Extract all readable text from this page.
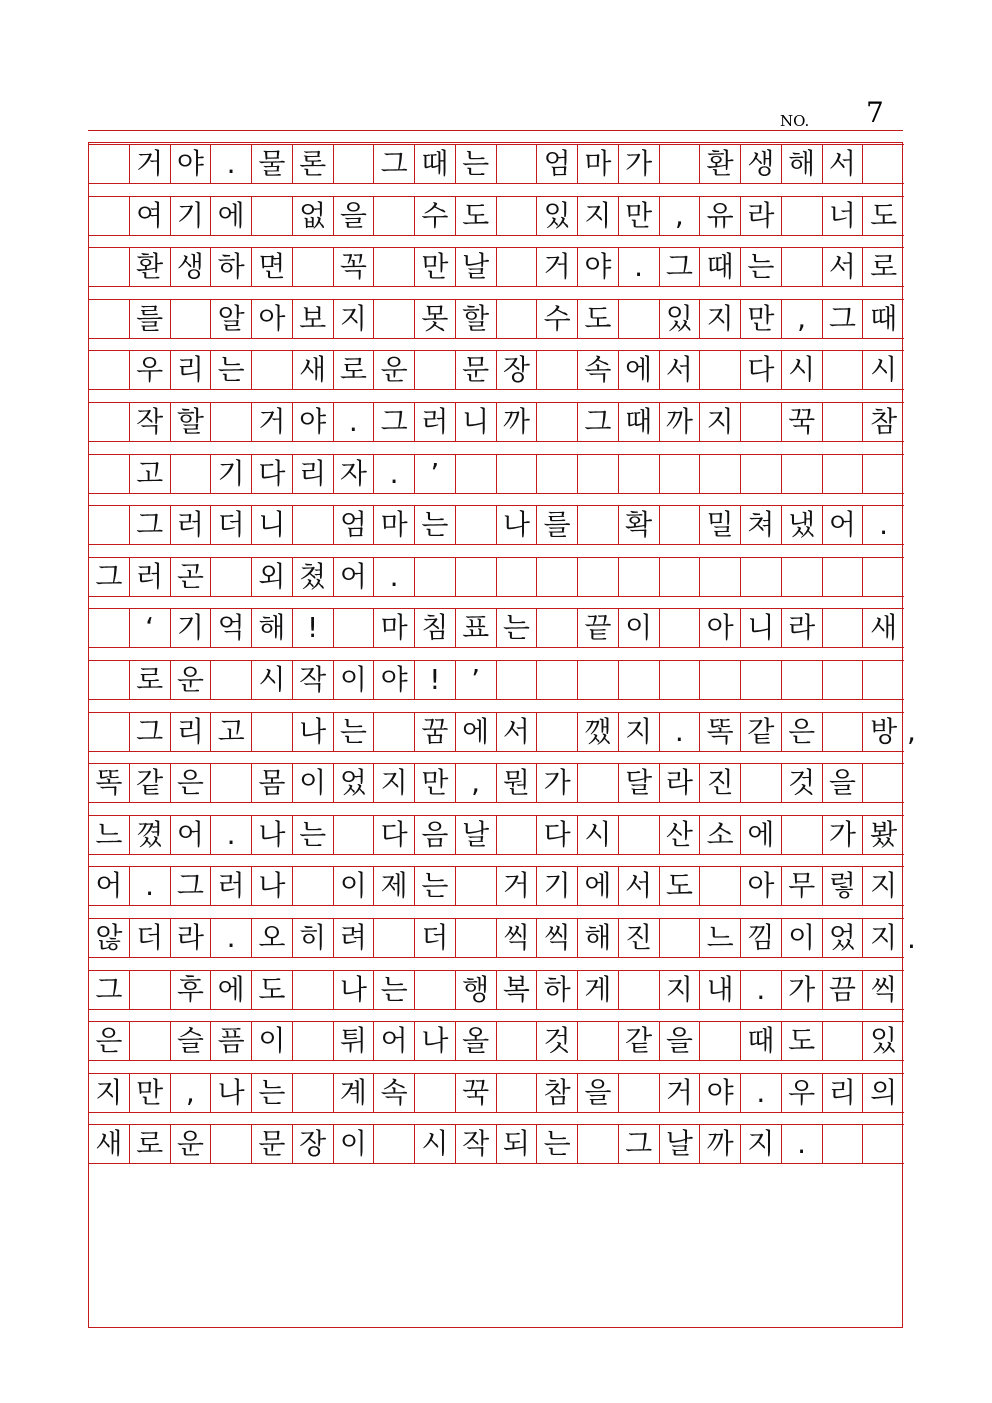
NO. 7
거 야 . 물 론 그 때 는 엄 마 가 환 생 해 서
여 기 에 없 을 수 도 있 지 만 , 유 라 너 도
환 생 하 면 꼭 만 날 거 야 . 그 때 는 서 로
를 알 아 보 지 못 할 수 도 있 지 만 , 그 때
우 리 는 새 로 운 문 장 속 에 서 다 시 시
작 할 거 야 . 그 러 니 까 그 때 까 지 꾹 참
고 기 다 리 자 .	’
그 러 더 니 엄 마 는 나 를 확 밀 쳐 냈 어 .
그 러 곤 외 쳤 어 .
‘ 기 억 해 !	마 침 표 는 끝 이 아 니 라 새
로 운 시 작 이 야 !	’
그 리 고 나 는 꿈 에 서 깼 지 . 똑 같 은 방 ,
똑 같 은 몸 이 었 지 만 , 뭔 가 달 라 진 것 을
느 꼈 어 . 나 는 다 음 날 다 시 산 소 에 가 봤
어 . 그 러 나 이 제 는 거 기 에 서 도 아 무 렇 지
않 더 라 . 오 히 려 더 씩 씩 해 진 느 낌 이 었 지 .
그 후 에 도 나 는 행 복 하 게 지 내 . 가 끔 씩
은 슬 픔 이 튀 어 나 올 것 같 을 때 도 있
지 만 , 나 는 계 속 꾹 참 을 거 야 . 우 리 의
새 로 운 문 장 이 시 작 되 는 그 날 까 지 .
